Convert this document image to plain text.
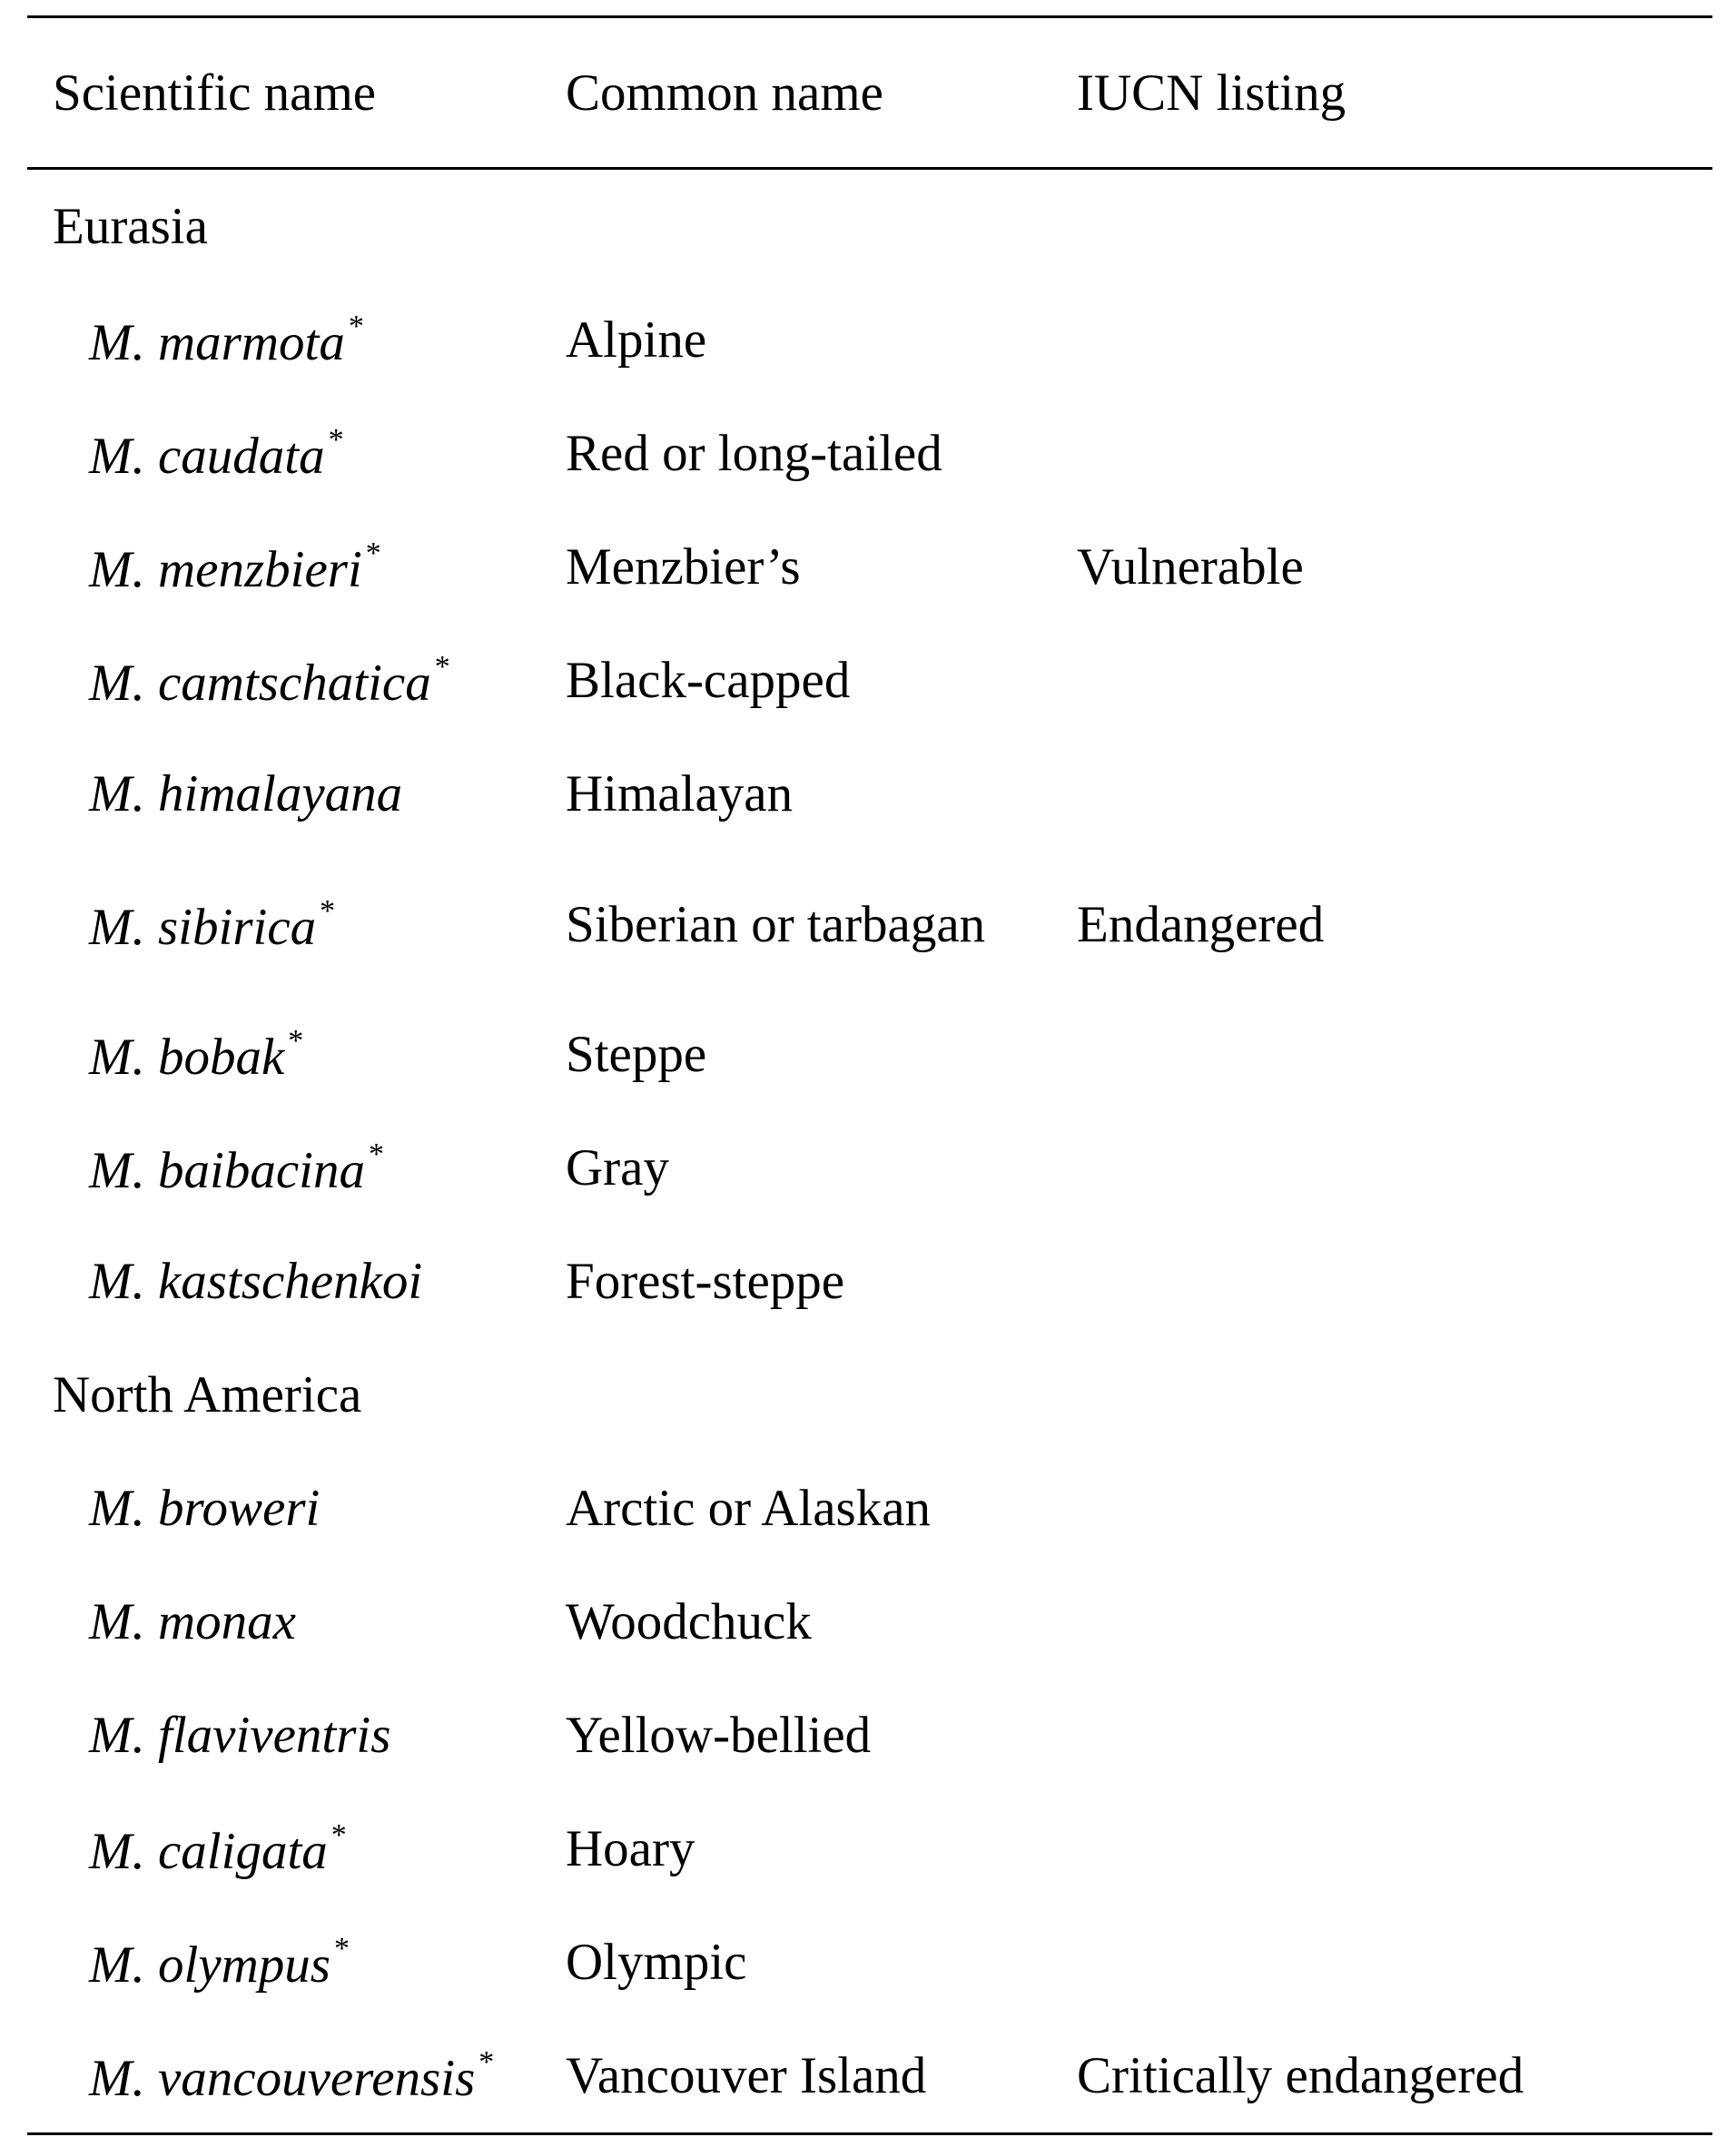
Scientific name	Common name	IUCN listing
Eurasia
M. marmota *	Alpine
M. caudata *	Red or long-tailed
M. menzbieri *	Menzbier’s	Vulnerable
M. camtschatica *	Black-capped
M. himalayana	Himalayan
M. sibirica *	Siberian or tarbagan	Endangered
M. bobak *	Steppe
M. baibacina *	Gray
M. kastschenkoi	Forest-steppe
North America
M. broweri	Arctic or Alaskan
M. monax	Woodchuck
M. flaviventris	Yellow-bellied
M. caligata *	Hoary
M. olympus *	Olympic
M. vancouverensis *	Vancouver Island	Critically endangered
